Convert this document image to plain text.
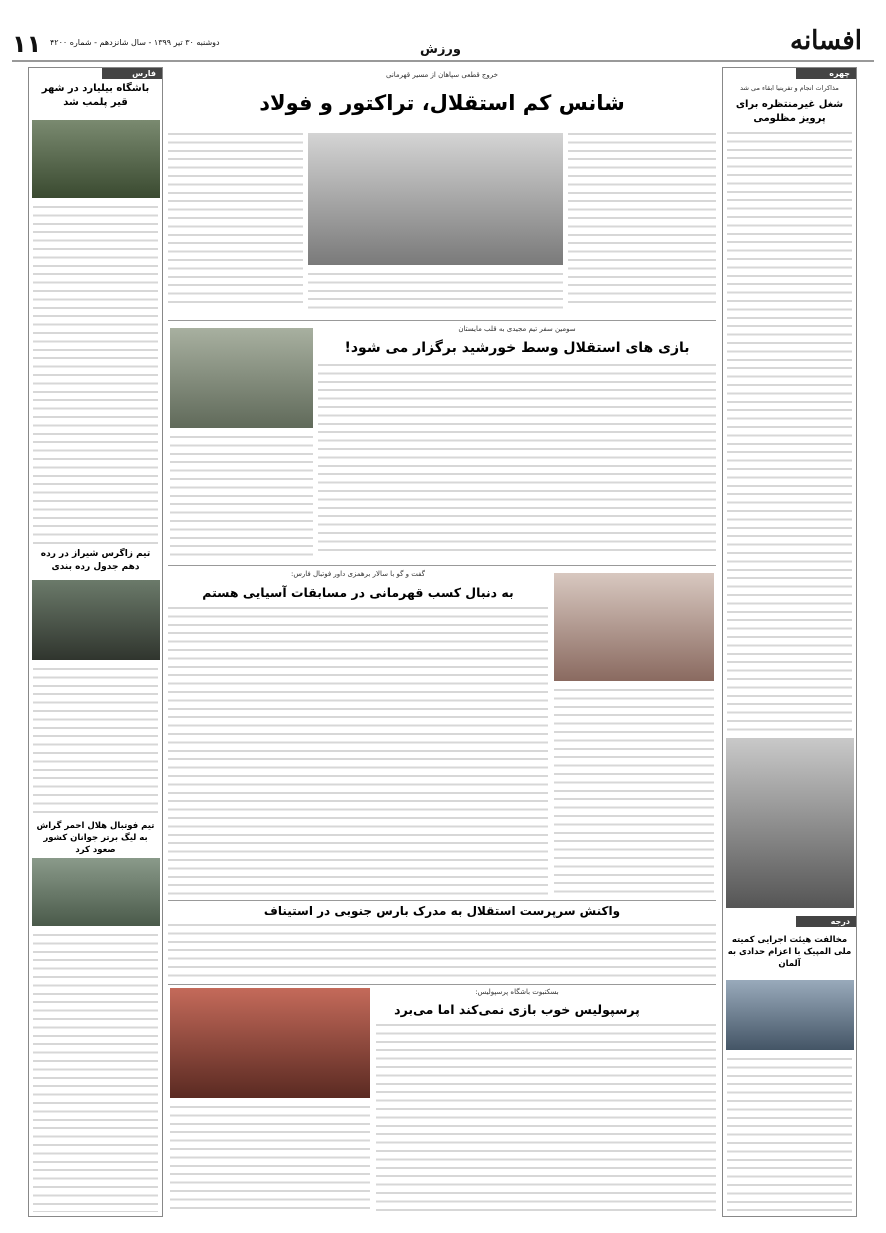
۱۱ دوشنبه ۳۰ تیر ۱۳۹۹ - سال شانزدهم - شماره ۴۲۰۰	ورزش	افسانه
فارس
باشگاه بیلیارد در شهر قیر پلمب شد
تیم زاگرس شیراز در رده دهم جدول رده بندی
تیم فوتبال هلال احمر گراش به لیگ برتر جوانان کشور صعود کرد
چهره
مذاکرات انجام و تفرینیا ابقاء می شد
شغل غیرمنتظره برای پرویز مظلومی
درجه
مخالفت هیئت اجرایی کمیته ملی المپیک با اعزام حدادی به آلمان
خروج قطعی سپاهان از مسیر قهرمانی
شانس کم استقلال، تراکتور و فولاد
سومین سفر تیم مجیدی به قلب مایستان
بازی های استقلال وسط خورشید برگزار می شود!
گفت و گو با سالار برهمزی داور فوتبال فارس:
به دنبال کسب قهرمانی در مسابقات آسیایی هستم
واکنش سرپرست استقلال به مدرک بارس جنوبی در استیناف
بسکتبوت باشگاه پرسپولیس:
پرسپولیس خوب بازی نمی‌کند اما می‌برد
